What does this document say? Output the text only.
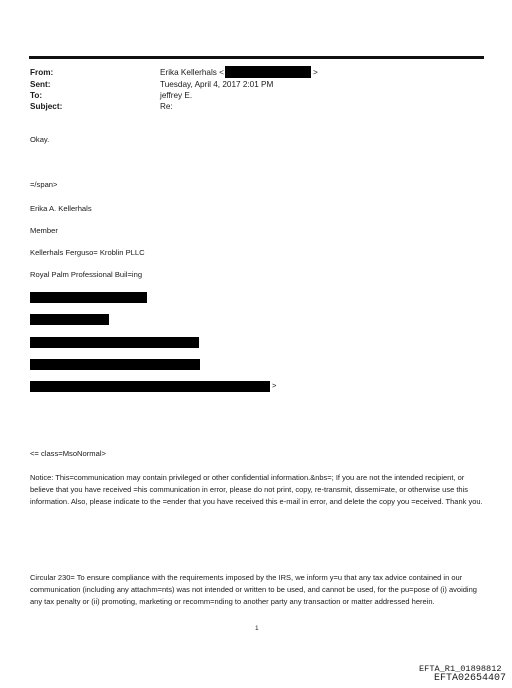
From:	Erika Kellerhals <	>
Sent:	Tuesday, April 4, 2017 2:01 PM
To:	jeffrey E.
Subject:	Re:
Okay.
=/span>
Erika A. Kellerhals
Member
Kellerhals Ferguso= Kroblin PLLC
Royal Palm Professional Buil=ing
>
<= class=MsoNormal>
Notice: This=communication may contain privileged or other confidential information.&nbs=; If you are not the intended recipient, or believe that you have received =his communication in error, please do not print, copy, re-transmit, dissemi=ate, or otherwise use this information. Also, please indicate to the =ender that you have received this e-mail in error, and delete the copy you =eceived. Thank you.
Circular 230= To ensure compliance with the requirements imposed by the IRS, we inform y=u that any tax advice contained in our communication (including any attachm=nts) was not intended or written to be used, and cannot be used, for the pu=pose of (i) avoiding any tax penalty or (ii) promoting, marketing or recomm=nding to another party any transaction or matter addressed herein.
1
EFTA_R1_01898812
EFTA02654407
